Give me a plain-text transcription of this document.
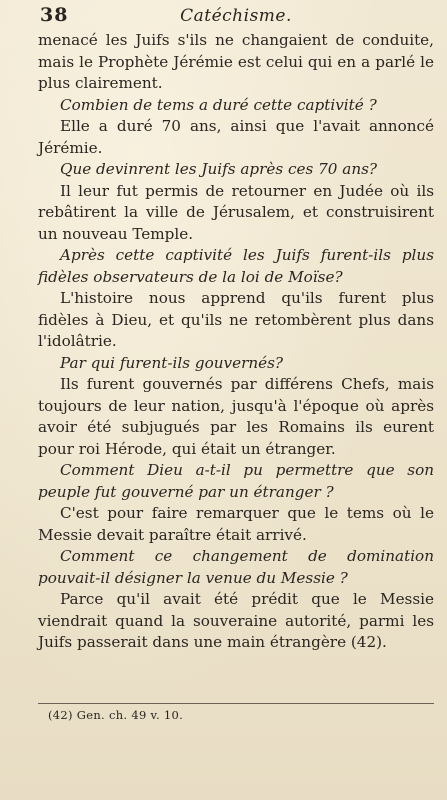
38	Catéchisme.

menacé les Juifs s'ils ne changaient de conduite, mais le Prophète Jérémie est celui qui en a parlé le plus clairement.

Combien de tems a duré cette captivité ?

Elle a duré 70 ans, ainsi que l'avait annoncé Jérémie.

Que devinrent les Juifs après ces 70 ans?

Il leur fut permis de retourner en Judée où ils rebâtirent la ville de Jérusalem, et construisirent un nouveau Temple.

Après cette captivité les Juifs furent-ils plus fidèles observateurs de la loi de Moïse?

L'histoire nous apprend qu'ils furent plus fidèles à Dieu, et qu'ils ne retombèrent plus dans l'idolâtrie.

Par qui furent-ils gouvernés?

Ils furent gouvernés par différens Chefs, mais toujours de leur nation, jusqu'à l'époque où après avoir été subjugués par les Romains ils eurent pour roi Hérode, qui était un étranger.

Comment Dieu a-t-il pu permettre que son peuple fut gouverné par un étranger ?

C'est pour faire remarquer que le tems où le Messie devait paraître était arrivé.

Comment ce changement de domination pouvait-il désigner la venue du Messie ?

Parce qu'il avait été prédit que le Messie viendrait quand la souveraine autorité, parmi les Juifs passerait dans une main étrangère (42).

(42) Gen. ch. 49 v. 10.
